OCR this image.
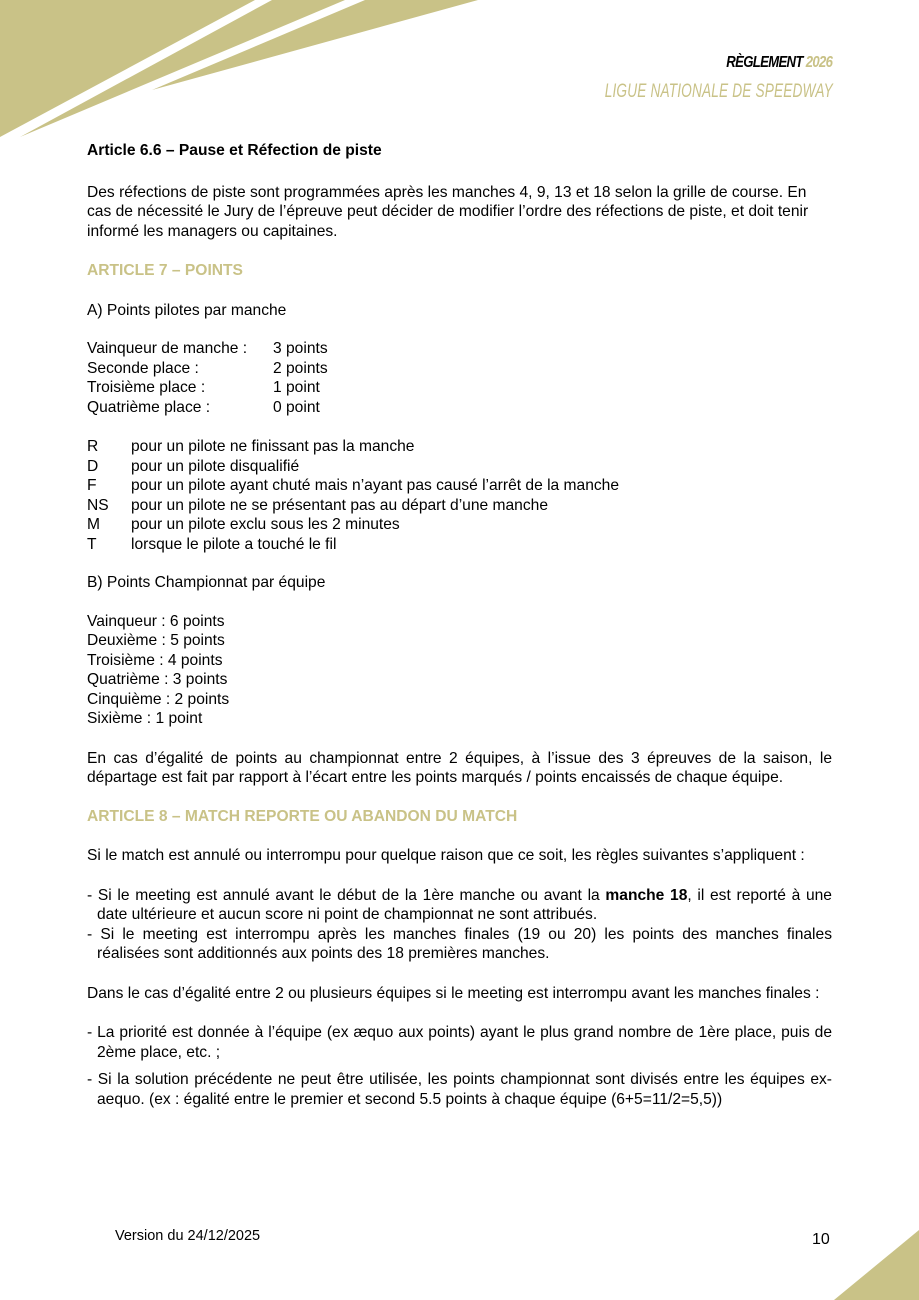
RÈGLEMENT 2026
LIGUE NATIONALE DE SPEEDWAY

Article 6.6 – Pause et Réfection de piste

Des réfections de piste sont programmées après les manches 4, 9, 13 et 18 selon la grille de course. En cas de nécessité le Jury de l’épreuve peut décider de modifier l’ordre des réfections de piste, et doit tenir informé les managers ou capitaines.

ARTICLE 7 – POINTS

A) Points pilotes par manche

Vainqueur de manche :	3 points
Seconde place :	2 points
Troisième place :	1 point
Quatrième place :	0 point
R	pour un pilote ne finissant pas la manche
D	pour un pilote disqualifié
F	pour un pilote ayant chuté mais n’ayant pas causé l’arrêt de la manche
NS	pour un pilote ne se présentant pas au départ d’une manche
M	pour un pilote exclu sous les 2 minutes
T	lorsque le pilote a touché le fil

B) Points Championnat par équipe

Vainqueur : 6 points

Deuxième : 5 points

Troisième : 4 points

Quatrième : 3 points

Cinquième : 2 points

Sixième : 1 point

En cas d’égalité de points au championnat entre 2 équipes, à l’issue des 3 épreuves de la saison, le départage est fait par rapport à l’écart entre les points marqués / points encaissés de chaque équipe.

ARTICLE 8 – MATCH REPORTE OU ABANDON DU MATCH

Si le match est annulé ou interrompu pour quelque raison que ce soit, les règles suivantes s’appliquent :

- Si le meeting est annulé avant le début de la 1ère manche ou avant la manche 18, il est reporté à une date ultérieure et aucun score ni point de championnat ne sont attribués.

- Si le meeting est interrompu après les manches finales (19 ou 20) les points des manches finales réalisées sont additionnés aux points des 18 premières manches.

Dans le cas d’égalité entre 2 ou plusieurs équipes si le meeting est interrompu avant les manches finales :

- La priorité est donnée à l’équipe (ex æquo aux points) ayant le plus grand nombre de 1ère place, puis de 2ème place, etc. ;

- Si la solution précédente ne peut être utilisée, les points championnat sont divisés entre les équipes ex-aequo. (ex : égalité entre le premier et second 5.5 points à chaque équipe (6+5=11/2=5,5))

Version du 24/12/2025	10
